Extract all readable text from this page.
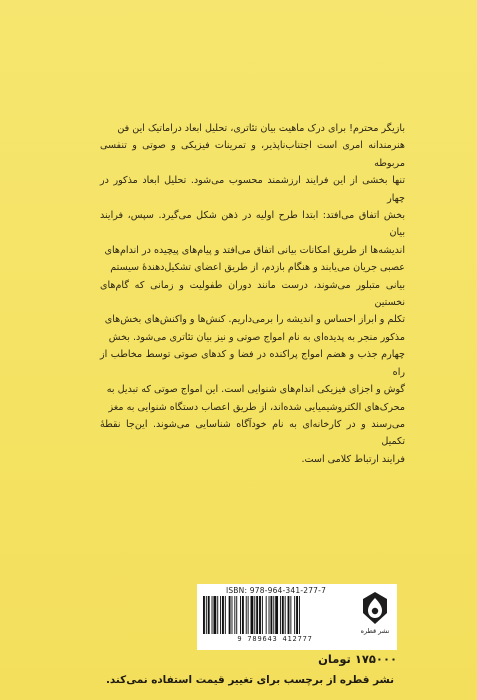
بازیگر محترم! برای درک ماهیت بیان تئاتری، تحلیل ابعاد دراماتیک این فن

هنرمندانه امری است اجتناب‌ناپذیر، و تمرینات فیزیکی و صوتی و تنفسی مربوطه

تنها بخشی از این فرایند ارزشمند محسوب می‌شود. تحلیل ابعاد مذکور در چهار

بخش اتفاق می‌افتد: ابتدا طرح اولیه در ذهن شکل می‌گیرد. سپس، فرایند بیان

اندیشه‌ها از طریق امکانات بیانی اتفاق می‌افتد و پیام‌های پیچیده در اندام‌های

عصبی جریان می‌یابند و هنگام بازدم، از طریق اعضای تشکیل‌دهندهٔ سیستم

بیانی متبلور می‌شوند، درست مانند دوران طفولیت و زمانی که گام‌های نخستین

تکلم و ابراز احساس و اندیشه را برمی‌داریم. کنش‌ها و واکنش‌های بخش‌های

مذکور منجر به پدیده‌ای به نام امواج صوتی و نیز بیان تئاتری می‌شود. بخش

چهارم جذب و هضم امواج پراکنده در فضا و کدهای صوتی توسط مخاطب از راه

گوش و اجزای فیزیکی اندام‌های شنوایی است. این امواج صوتی که تبدیل به

محرک‌های الکتروشیمیایی شده‌اند، از طریق اعصاب دستگاه شنوایی به مغز

می‌رسند و در کارخانه‌ای به نام خودآگاه شناسایی می‌شوند. این‌جا نقطهٔ تکمیل

فرایند ارتباط کلامی است.

ISBN: 978-964-341-277-7
9 789643 412777
نشر قطره
۱۷۵۰۰۰ تومان
نشر قطره از برچسب برای تغییر قیمت استفاده نمی‌کند.
